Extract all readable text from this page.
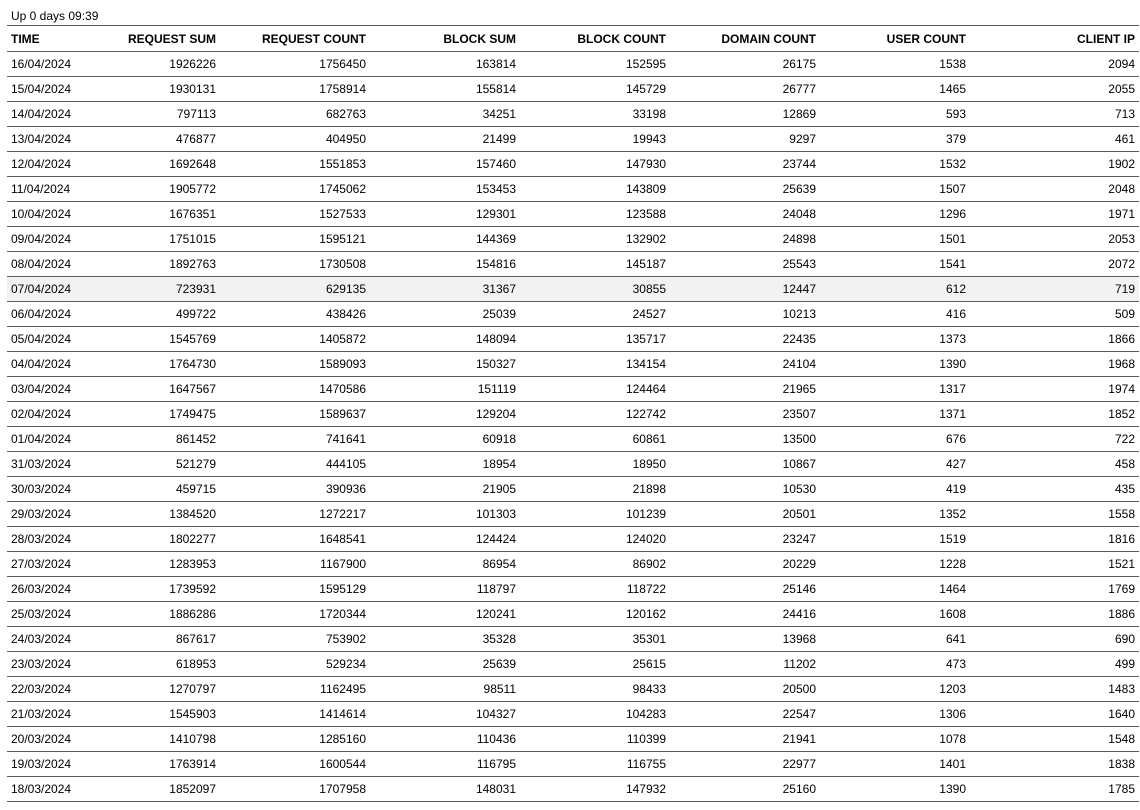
Up 0 days 09:39
TIME	REQUEST SUM	REQUEST COUNT	BLOCK SUM	BLOCK COUNT	DOMAIN COUNT	USER COUNT	CLIENT IP
16/04/2024	1926226	1756450	163814	152595	26175	1538	2094
15/04/2024	1930131	1758914	155814	145729	26777	1465	2055
14/04/2024	797113	682763	34251	33198	12869	593	713
13/04/2024	476877	404950	21499	19943	9297	379	461
12/04/2024	1692648	1551853	157460	147930	23744	1532	1902
11/04/2024	1905772	1745062	153453	143809	25639	1507	2048
10/04/2024	1676351	1527533	129301	123588	24048	1296	1971
09/04/2024	1751015	1595121	144369	132902	24898	1501	2053
08/04/2024	1892763	1730508	154816	145187	25543	1541	2072
07/04/2024	723931	629135	31367	30855	12447	612	719
06/04/2024	499722	438426	25039	24527	10213	416	509
05/04/2024	1545769	1405872	148094	135717	22435	1373	1866
04/04/2024	1764730	1589093	150327	134154	24104	1390	1968
03/04/2024	1647567	1470586	151119	124464	21965	1317	1974
02/04/2024	1749475	1589637	129204	122742	23507	1371	1852
01/04/2024	861452	741641	60918	60861	13500	676	722
31/03/2024	521279	444105	18954	18950	10867	427	458
30/03/2024	459715	390936	21905	21898	10530	419	435
29/03/2024	1384520	1272217	101303	101239	20501	1352	1558
28/03/2024	1802277	1648541	124424	124020	23247	1519	1816
27/03/2024	1283953	1167900	86954	86902	20229	1228	1521
26/03/2024	1739592	1595129	118797	118722	25146	1464	1769
25/03/2024	1886286	1720344	120241	120162	24416	1608	1886
24/03/2024	867617	753902	35328	35301	13968	641	690
23/03/2024	618953	529234	25639	25615	11202	473	499
22/03/2024	1270797	1162495	98511	98433	20500	1203	1483
21/03/2024	1545903	1414614	104327	104283	22547	1306	1640
20/03/2024	1410798	1285160	110436	110399	21941	1078	1548
19/03/2024	1763914	1600544	116795	116755	22977	1401	1838
18/03/2024	1852097	1707958	148031	147932	25160	1390	1785
